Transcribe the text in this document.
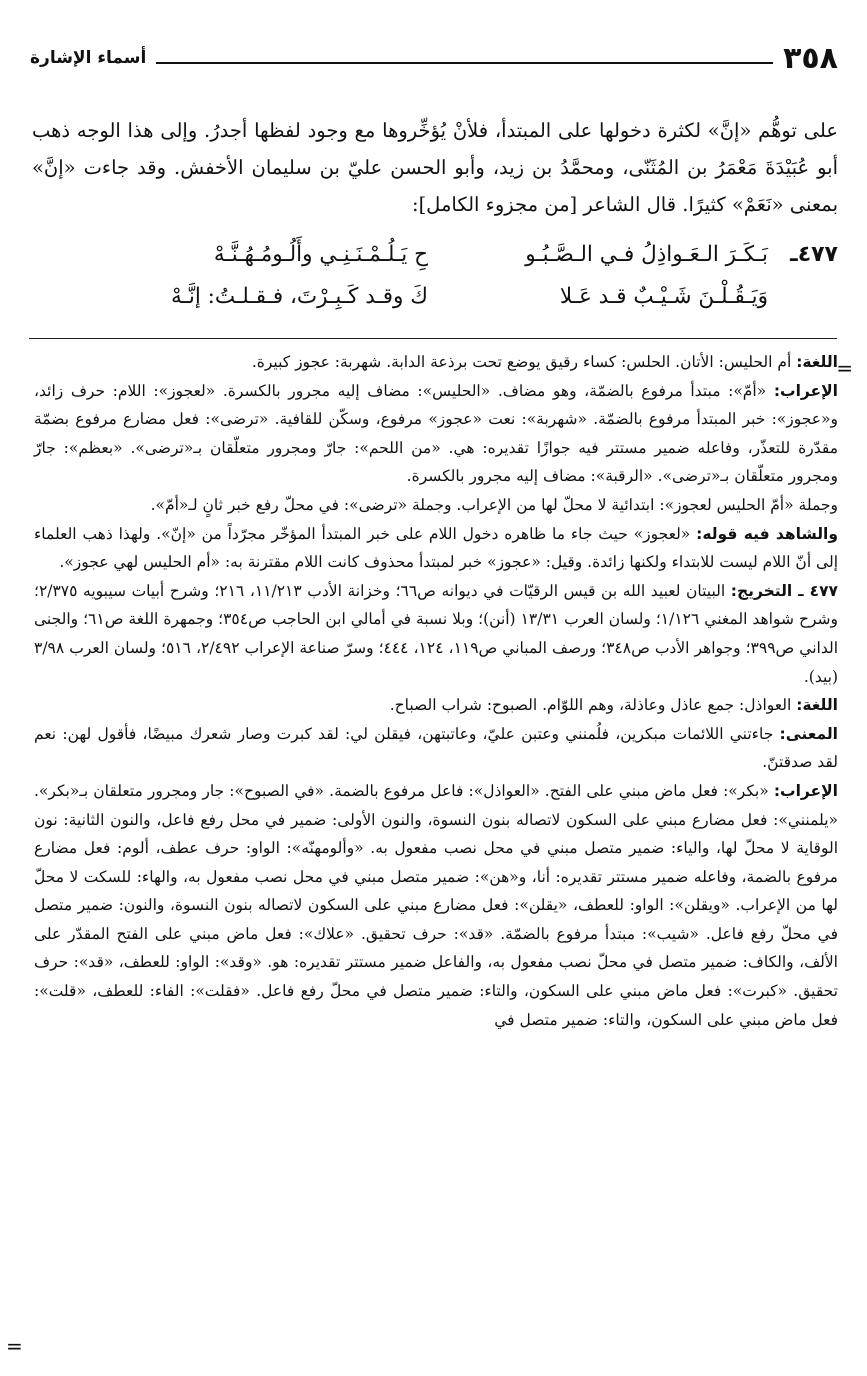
٣٥٨
أسماء الإشارة

على توهُّم «إنَّ» لكثرة دخولها على المبتدأ، فلأنْ يُؤخِّروها مع وجود لفظها أجدرُ. وإلى هذا الوجه ذهب أبو عُبَيْدَةَ مَعْمَرُ بن المُثَنّى، ومحمَّدُ بن زيد، وأبو الحسن عليّ بن سليمان الأخفش. وقد جاءت «إنَّ» بمعنى «نَعَمْ» كثيرًا. قال الشاعر [من مجزوء الكامل]:

٤٧٧ـ
بَـكَـرَ الـعَـواذِلُ فـي الـصَّـبُـو
حِ يَـلُـمْـنَـنِـي وأَلُـومُـهُـنَّـهْ
وَيَـقُـلْـنَ شَـيْـبٌ قـد عَـلا
كَ وقـد كَـبِـرْتَ، فـقـلـتُ: إنَّـهْ
=

اللغة: أم الحليس: الأتان. الحلس: كساء رقيق يوضع تحت برذعة الدابة. شهربة: عجوز كبيرة.

الإعراب: «أمّ»: مبتدأ مرفوع بالضمّة، وهو مضاف. «الحليس»: مضاف إليه مجرور بالكسرة. «لعجوز»: اللام: حرف زائد، و«عجوز»: خبر المبتدأ مرفوع بالضمّة. «شهربة»: نعت «عجوز» مرفوع، وسكّن للقافية. «ترضى»: فعل مضارع مرفوع بضمّة مقدّرة للتعذّر، وفاعله ضمير مستتر فيه جوازًا تقديره: هي. «من اللحم»: جارّ ومجرور متعلّقان بـ«ترضى». «بعظم»: جارّ ومجرور متعلّقان بـ«ترضى». «الرقبة»: مضاف إليه مجرور بالكسرة.

وجملة «أمّ الحليس لعجوز»: ابتدائية لا محلّ لها من الإعراب. وجملة «ترضى»: في محلّ رفع خبر ثانٍ لـ«أمّ».

والشاهد فيه قوله: «لعجوز» حيث جاء ما ظاهره دخول اللام على خبر المبتدأ المؤخّر مجرّداً من «إنّ». ولهذا ذهب العلماء إلى أنّ اللام ليست للابتداء ولكنها زائدة. وقيل: «عجوز» خبر لمبتدأ محذوف كانت اللام مقترنة به: «أم الحليس لهي عجوز».

٤٧٧ ـ التخريج: البيتان لعبيد الله بن قيس الرقيّات في ديوانه ص٦٦؛ وخزانة الأدب ١١/٢١٣، ٢١٦؛ وشرح أبيات سيبويه ٢/٣٧٥؛ وشرح شواهد المغني ١/١٢٦؛ ولسان العرب ١٣/٣١ (أنن)؛ وبلا نسبة في أمالي ابن الحاجب ص٣٥٤؛ وجمهرة اللغة ص٦١؛ والجنى الداني ص٣٩٩؛ وجواهر الأدب ص٣٤٨؛ ورصف المباني ص١١٩، ١٢٤، ٤٤٤؛ وسرّ صناعة الإعراب ٢/٤٩٢، ٥١٦؛ ولسان العرب ٣/٩٨ (بيد).

اللغة: العواذل: جمع عاذل وعاذلة، وهم اللوّام. الصبوح: شراب الصباح.

المعنى: جاءتني اللائمات مبكرين، فلُمنني وعتبن عليّ، وعاتبتهن، فيقلن لي: لقد كبرت وصار شعرك مبيضًا، فأقول لهن: نعم لقد صدقتنّ.

الإعراب: «بكر»: فعل ماض مبني على الفتح. «العواذل»: فاعل مرفوع بالضمة. «في الصبوح»: جار ومجرور متعلقان بـ«بكر». «يلمنني»: فعل مضارع مبني على السكون لاتصاله بنون النسوة، والنون الأولى: ضمير في محل رفع فاعل، والنون الثانية: نون الوقاية لا محلّ لها، والياء: ضمير متصل مبني في محل نصب مفعول به. «وألومهنّه»: الواو: حرف عطف، ألوم: فعل مضارع مرفوع بالضمة، وفاعله ضمير مستتر تقديره: أنا، و«هن»: ضمير متصل مبني في محل نصب مفعول به، والهاء: للسكت لا محلّ لها من الإعراب. «ويقلن»: الواو: للعطف، «يقلن»: فعل مضارع مبني على السكون لاتصاله بنون النسوة، والنون: ضمير متصل في محلّ رفع فاعل. «شيب»: مبتدأ مرفوع بالضمّة. «قد»: حرف تحقيق. «علاك»: فعل ماض مبني على الفتح المقدّر على الألف، والكاف: ضمير متصل في محلّ نصب مفعول به، والفاعل ضمير مستتر تقديره: هو. «وقد»: الواو: للعطف، «قد»: حرف تحقيق. «كبرت»: فعل ماض مبني على السكون، والتاء: ضمير متصل في محلّ رفع فاعل. «فقلت»: الفاء: للعطف، «قلت»: فعل ماض مبني على السكون، والتاء: ضمير متصل في

=
